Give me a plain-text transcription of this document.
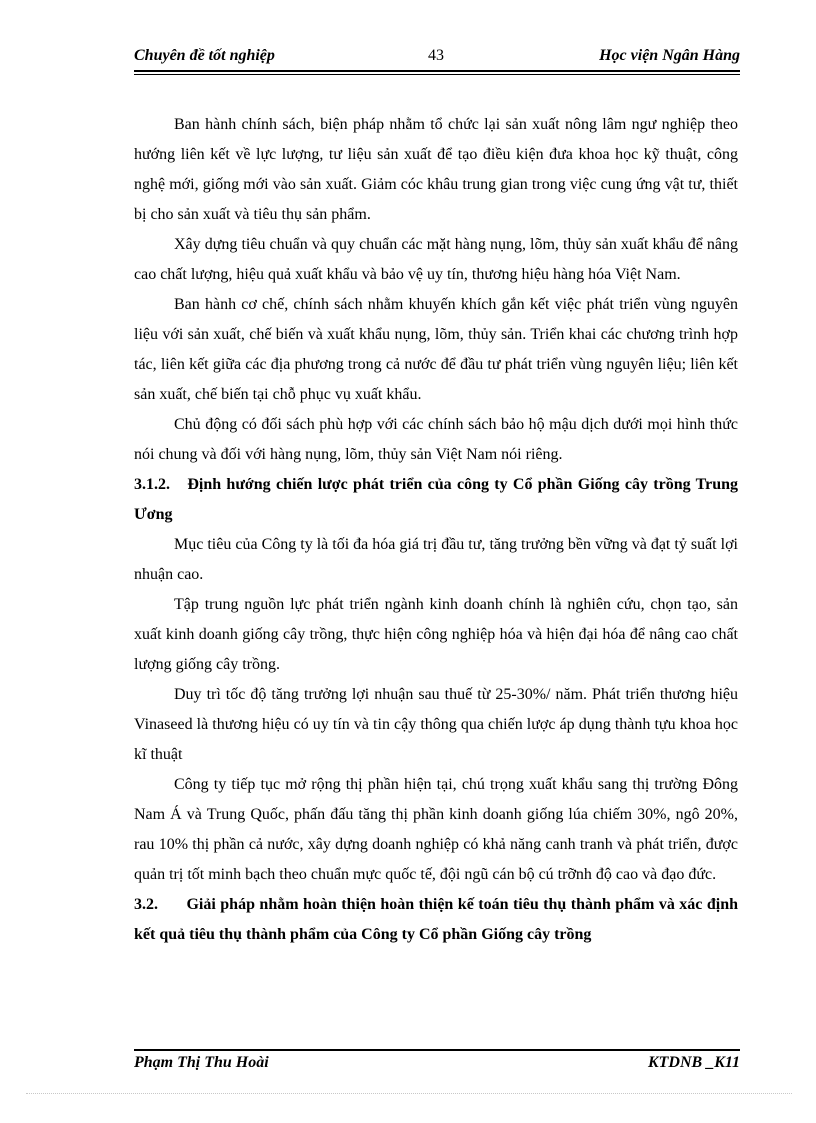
Chuyên đề tốt nghiệp	43	Học viện Ngân Hàng

Ban hành chính sách, biện pháp nhằm tổ chức lại sản xuất nông lâm ngư nghiệp theo hướng liên kết về lực lượng, tư liệu sản xuất để tạo điều kiện đưa khoa học kỹ thuật, công nghệ mới, giống mới vào sản xuất. Giảm cóc khâu trung gian trong việc cung ứng vật tư, thiết bị cho sản xuất và tiêu thụ sản phẩm.

Xây dựng tiêu chuẩn và quy chuẩn các mặt hàng nụng, lõm, thủy sản xuất khẩu để nâng cao chất lượng, hiệu quả xuất khẩu và bảo vệ uy tín, thương hiệu hàng hóa Việt Nam.

Ban hành cơ chế, chính sách nhằm khuyến khích gắn kết việc phát triển vùng nguyên liệu với sản xuất, chế biến và xuất khẩu nụng, lõm, thủy sản. Triển khai các chương trình hợp tác, liên kết giữa các địa phương trong cả nước để đầu tư phát triển vùng nguyên liệu; liên kết sản xuất, chế biến tại chỗ phục vụ xuất khẩu.

Chủ động có đối sách phù hợp với các chính sách bảo hộ mậu dịch dưới mọi hình thức nói chung và đối với hàng nụng, lõm, thủy sản Việt Nam nói riêng.

3.1.2. Định hướng chiến lược phát triển của công ty Cổ phần Giống cây trồng Trung Ương

Mục tiêu của Công ty là tối đa hóa giá trị đầu tư, tăng trưởng bền vững và đạt tỷ suất lợi nhuận cao.

Tập trung nguồn lực phát triển ngành kinh doanh chính là nghiên cứu, chọn tạo, sản xuất kinh doanh giống cây trồng, thực hiện công nghiệp hóa và hiện đại hóa để nâng cao chất lượng giống cây trồng.

Duy trì tốc độ tăng trưởng lợi nhuận sau thuế từ 25-30%/ năm. Phát triển thương hiệu Vinaseed là thương hiệu có uy tín và tin cậy thông qua chiến lược áp dụng thành tựu khoa học kĩ thuật

Công ty tiếp tục mở rộng thị phần hiện tại, chú trọng xuất khẩu sang thị trường Đông Nam Á và Trung Quốc, phấn đấu tăng thị phần kinh doanh giống lúa chiếm 30%, ngô 20%, rau 10% thị phần cả nước, xây dựng doanh nghiệp có khả năng canh tranh và phát triển, được quản trị tốt minh bạch theo chuẩn mực quốc tế, đội ngũ cán bộ cú trỡnh độ cao và đạo đức.

3.2. Giải pháp nhằm hoàn thiện hoàn thiện kế toán tiêu thụ thành phẩm và xác định kết quả tiêu thụ thành phẩm của Công ty Cổ phần Giống cây trồng
Phạm Thị Thu Hoài	KTDNB _K11
